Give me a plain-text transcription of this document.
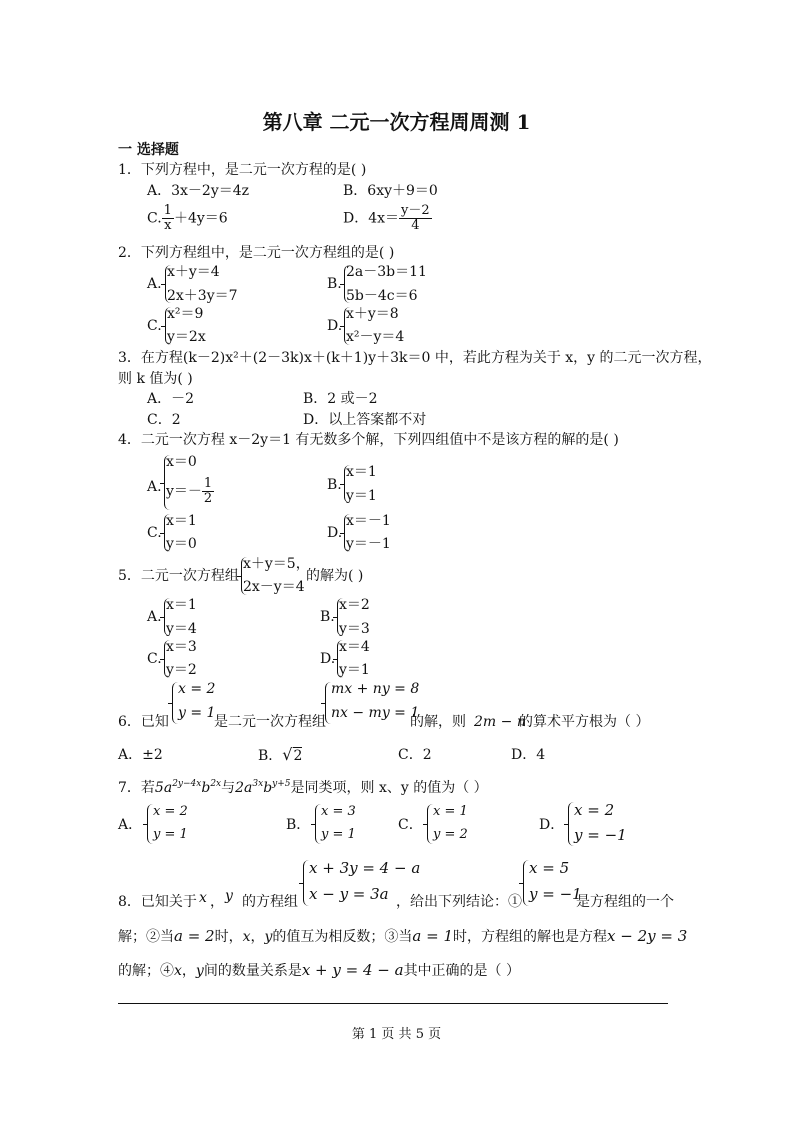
第八章 二元一次方程周周测 1
一 选择题
1．下列方程中，是二元一次方程的是( )
A．3x－2y＝4z	B．6xy＋9＝0
C. $\frac{1}{x} +4y=6$	D．$4x= \frac{y-2}{4}$
2．下列方程组中，是二元一次方程组的是( )
A.
x＋y＝4
2x＋3y＝7
B.
2a－3b＝11
5b－4c＝6
C.
x²＝9
y＝2x
D.
x＋y＝8
x²－y＝4
3．在方程(k－2)x²＋(2－3k)x＋(k＋1)y＋3k＝0 中，若此方程为关于 x，y 的二元一次方程，
则 k 值为( )
A．－2	B．2 或－2
C．2	D．以上答案都不对
4．二元一次方程 x－2y＝1 有无数多个解，下列四组值中不是该方程的解的是( )
A.
x＝0
$y=- \frac{1}{2}$	B.
x＝1
y＝1
C.
x＝1
y＝0
D.
x＝－1
y＝－1
5．二元一次方程组
x＋y＝5，
2x－y＝4
的解为( )
A.
x＝1
y＝4
B.
x＝2
y＝3
C.
x＝3
y＝2
D.
x＝4
y＝1
6．已知
x = 2
y = 1
是二元一次方程组
mx + ny = 8
nx − my = 1
的解，则 2m − n
的算术平方根为（ ）
A．±2	B．√2	C．2	D．4
7．若$5a^{2y-4x}b^{2x}$与$2a^{3x}b^{y+5}$是同类项，则 x、y 的值为（ ）
A．
x = 2
y = 1
B．
x = 3
y = 1
C．
x = 1
y = 2
D．
x = 2
y = −1
8．已知关于 x ， y 的方程组
x + 3y = 4 − a
x − y = 3a ，给出下列结论：①
x = 5
y = −1
是方程组的一个
解；②当a = 2时，x，y的值互为相反数；③当a = 1时，方程组的解也是方程x − 2y = 3
的解；④x，y间的数量关系是x + y = 4 − a其中正确的是（ ）
第 1 页 共 5 页
